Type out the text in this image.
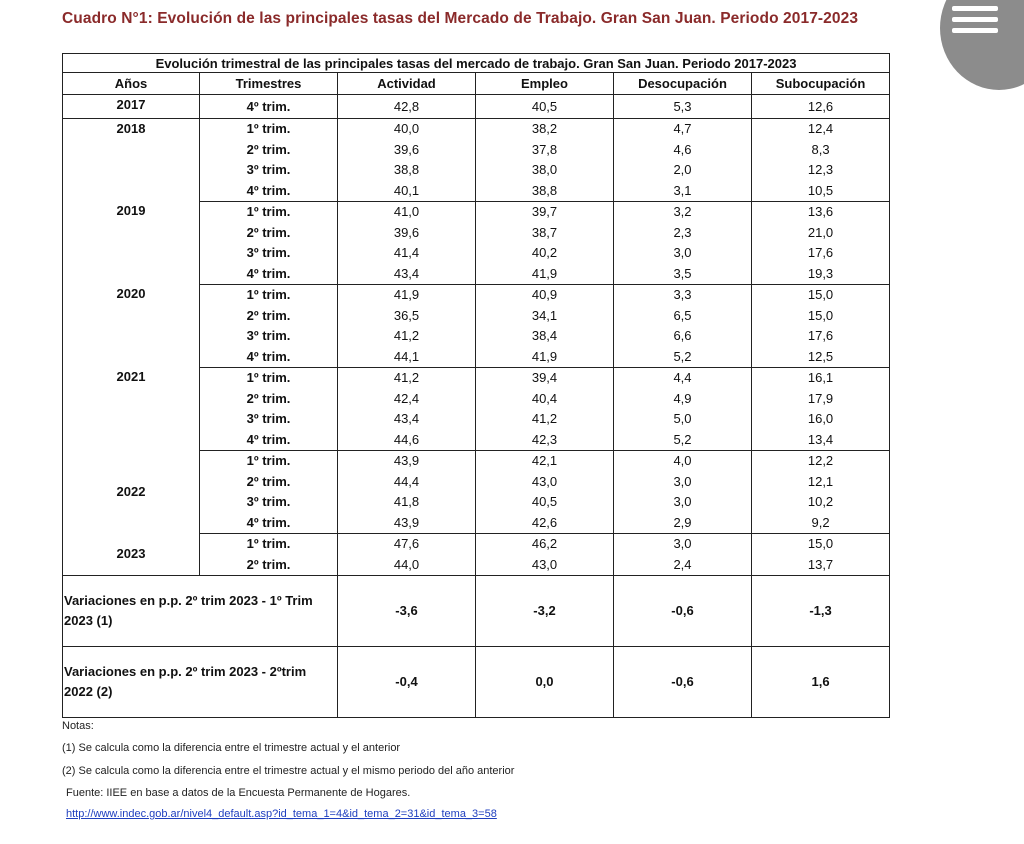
Cuadro N°1: Evolución de las principales tasas del Mercado de Trabajo. Gran San Juan. Periodo 2017-2023
Evolución trimestral de las principales tasas del mercado de trabajo. Gran San Juan. Periodo 2017-2023					
Años	Trimestres	Actividad	Empleo	Desocupación	Subocupación
2017	4º trim.	42,8	40,5	5,3	12,6
2018	1º trim.	40,0	38,2	4,7	12,4
	2º trim.	39,6	37,8	4,6	8,3
	3º trim.	38,8	38,0	2,0	12,3
	4º trim.	40,1	38,8	3,1	10,5
2019	1º trim.	41,0	39,7	3,2	13,6
	2º trim.	39,6	38,7	2,3	21,0
	3º trim.	41,4	40,2	3,0	17,6
	4º trim.	43,4	41,9	3,5	19,3
2020	1º trim.	41,9	40,9	3,3	15,0
	2º trim.	36,5	34,1	6,5	15,0
	3º trim.	41,2	38,4	6,6	17,6
	4º trim.	44,1	41,9	5,2	12,5
2021	1º trim.	41,2	39,4	4,4	16,1
	2º trim.	42,4	40,4	4,9	17,9
	3º trim.	43,4	41,2	5,0	16,0
	4º trim.	44,6	42,3	5,2	13,4
2022	1º trim.	43,9	42,1	4,0	12,2
	2º trim.	44,4	43,0	3,0	12,1
	3º trim.	41,8	40,5	3,0	10,2
	4º trim.	43,9	42,6	2,9	9,2
2023	1º trim.	47,6	46,2	3,0	15,0
	2º trim.	44,0	43,0	2,4	13,7
Variaciones en p.p. 2º trim 2023 - 1º Trim 2023 (1)		-3,6	-3,2	-0,6	-1,3
Variaciones en p.p. 2º trim 2023 - 2ºtrim 2022 (2)		-0,4	0,0	-0,6	1,6
Notas:
(1) Se calcula como la diferencia entre el trimestre actual y el anterior
(2) Se calcula como la diferencia entre el trimestre actual y el mismo periodo del año anterior
Fuente: IIEE en base a datos de la Encuesta Permanente de Hogares.
http://www.indec.gob.ar/nivel4_default.asp?id_tema_1=4&id_tema_2=31&id_tema_3=58
